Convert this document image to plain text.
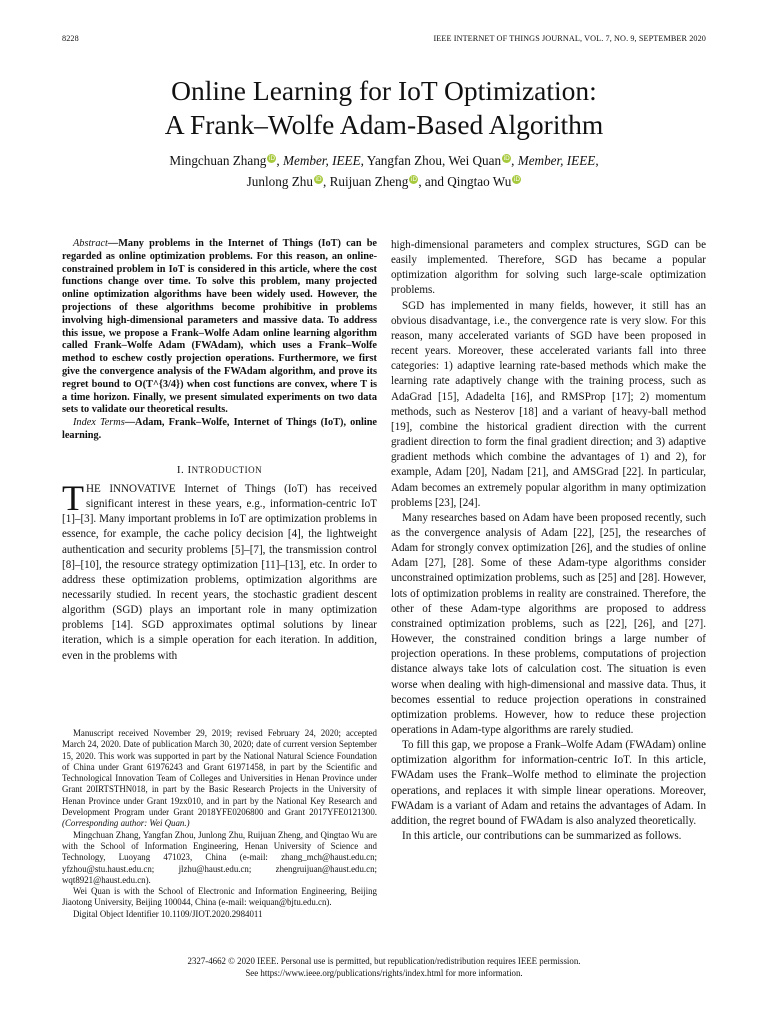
8228	IEEE INTERNET OF THINGS JOURNAL, VOL. 7, NO. 9, SEPTEMBER 2020
Online Learning for IoT Optimization:
A Frank–Wolfe Adam-Based Algorithm
Mingchuan Zhang iD, Member, IEEE, Yangfan Zhou, Wei Quan iD, Member, IEEE,
Junlong Zhu iD, Ruijuan Zheng iD, and Qingtao Wu iD

Abstract—Many problems in the Internet of Things (IoT) can be regarded as online optimization problems. For this reason, an online-constrained problem in IoT is considered in this article, where the cost functions change over time. To solve this problem, many projected online optimization algorithms have been widely used. However, the projections of these algorithms become prohibitive in problems involving high-dimensional parameters and massive data. To address this issue, we propose a Frank–Wolfe Adam online learning algorithm called Frank–Wolfe Adam (FWAdam), which uses a Frank–Wolfe method to eschew costly projection operations. Furthermore, we first give the convergence analysis of the FWAdam algorithm, and prove its regret bound to O(T^{3/4}) when cost functions are convex, where T is a time horizon. Finally, we present simulated experiments on two data sets to validate our theoretical results.

Index Terms—Adam, Frank–Wolfe, Internet of Things (IoT), online learning.

I. INTRODUCTION

THE INNOVATIVE Internet of Things (IoT) has received significant interest in these years, e.g., information-centric IoT [1]–[3]. Many important problems in IoT are optimization problems in essence, for example, the cache policy decision [4], the lightweight authentication and security problems [5]–[7], the transmission control [8]–[10], the resource strategy optimization [11]–[13], etc. In order to address these optimization problems, optimization algorithms are necessarily studied. In recent years, the stochastic gradient descent algorithm (SGD) plays an important role in many optimization problems [14]. SGD approximates optimal solutions by linear iteration, which is a simple operation for each iteration. In addition, even in the problems with

Manuscript received November 29, 2019; revised February 24, 2020; accepted March 24, 2020. Date of publication March 30, 2020; date of current version September 15, 2020. This work was supported in part by the National Natural Science Foundation of China under Grant 61976243 and Grant 61971458, in part by the Scientific and Technological Innovation Team of Colleges and Universities in Henan Province under Grant 20IRTSTHN018, in part by the Basic Research Projects in the University of Henan Province under Grant 19zx010, and in part by the National Key Research and Development Program under Grant 2018YFE0206800 and Grant 2017YFE0121300. (Corresponding author: Wei Quan.)

Mingchuan Zhang, Yangfan Zhou, Junlong Zhu, Ruijuan Zheng, and Qingtao Wu are with the School of Information Engineering, Henan University of Science and Technology, Luoyang 471023, China (e-mail: zhang_mch@haust.edu.cn; yfzhou@stu.haust.edu.cn; jlzhu@haust.edu.cn; zhengruijuan@haust.edu.cn; wqt8921@haust.edu.cn).

Wei Quan is with the School of Electronic and Information Engineering, Beijing Jiaotong University, Beijing 100044, China (e-mail: weiquan@bjtu.edu.cn).

Digital Object Identifier 10.1109/JIOT.2020.2984011

high-dimensional parameters and complex structures, SGD can be easily implemented. Therefore, SGD has became a popular optimization algorithm for solving such large-scale optimization problems.

SGD has implemented in many fields, however, it still has an obvious disadvantage, i.e., the convergence rate is very slow. For this reason, many accelerated variants of SGD have been proposed in recent years. Moreover, these accelerated variants fall into three categories: 1) adaptive learning rate-based methods which make the learning rate adaptively change with the training process, such as AdaGrad [15], Adadelta [16], and RMSProp [17]; 2) momentum methods, such as Nesterov [18] and a variant of heavy-ball method [19], combine the historical gradient direction with the current gradient direction to form the final gradient direction; and 3) adaptive gradient methods which combine the advantages of 1) and 2), for example, Adam [20], Nadam [21], and AMSGrad [22]. In particular, Adam becomes an extremely popular algorithm in many optimization problems [23], [24].

Many researches based on Adam have been proposed recently, such as the convergence analysis of Adam [22], [25], the researches of Adam for strongly convex optimization [26], and the studies of online Adam [27], [28]. Some of these Adam-type algorithms consider unconstrained optimization problems, such as [25] and [28]. However, lots of optimization problems in reality are constrained. Therefore, the other of these Adam-type algorithms are proposed to address constrained optimization problems, such as [22], [26], and [27]. However, the constrained condition brings a large number of projection operations. In these problems, computations of projection distance always take lots of calculation cost. The situation is even worse when dealing with high-dimensional and massive data. Thus, it becomes essential to reduce projection operations in constrained optimization problems. However, how to reduce these projection operations in Adam-type algorithms are rarely studied.

To fill this gap, we propose a Frank–Wolfe Adam (FWAdam) online optimization algorithm for information-centric IoT. In this article, FWAdam uses the Frank–Wolfe method to eliminate the projection operations, and replaces it with simple linear operations. Moreover, FWAdam is a variant of Adam and retains the advantages of Adam. In addition, the regret bound of FWAdam is also analyzed theoretically.

In this article, our contributions can be summarized as follows.

2327-4662 © 2020 IEEE. Personal use is permitted, but republication/redistribution requires IEEE permission.
See https://www.ieee.org/publications/rights/index.html for more information.
